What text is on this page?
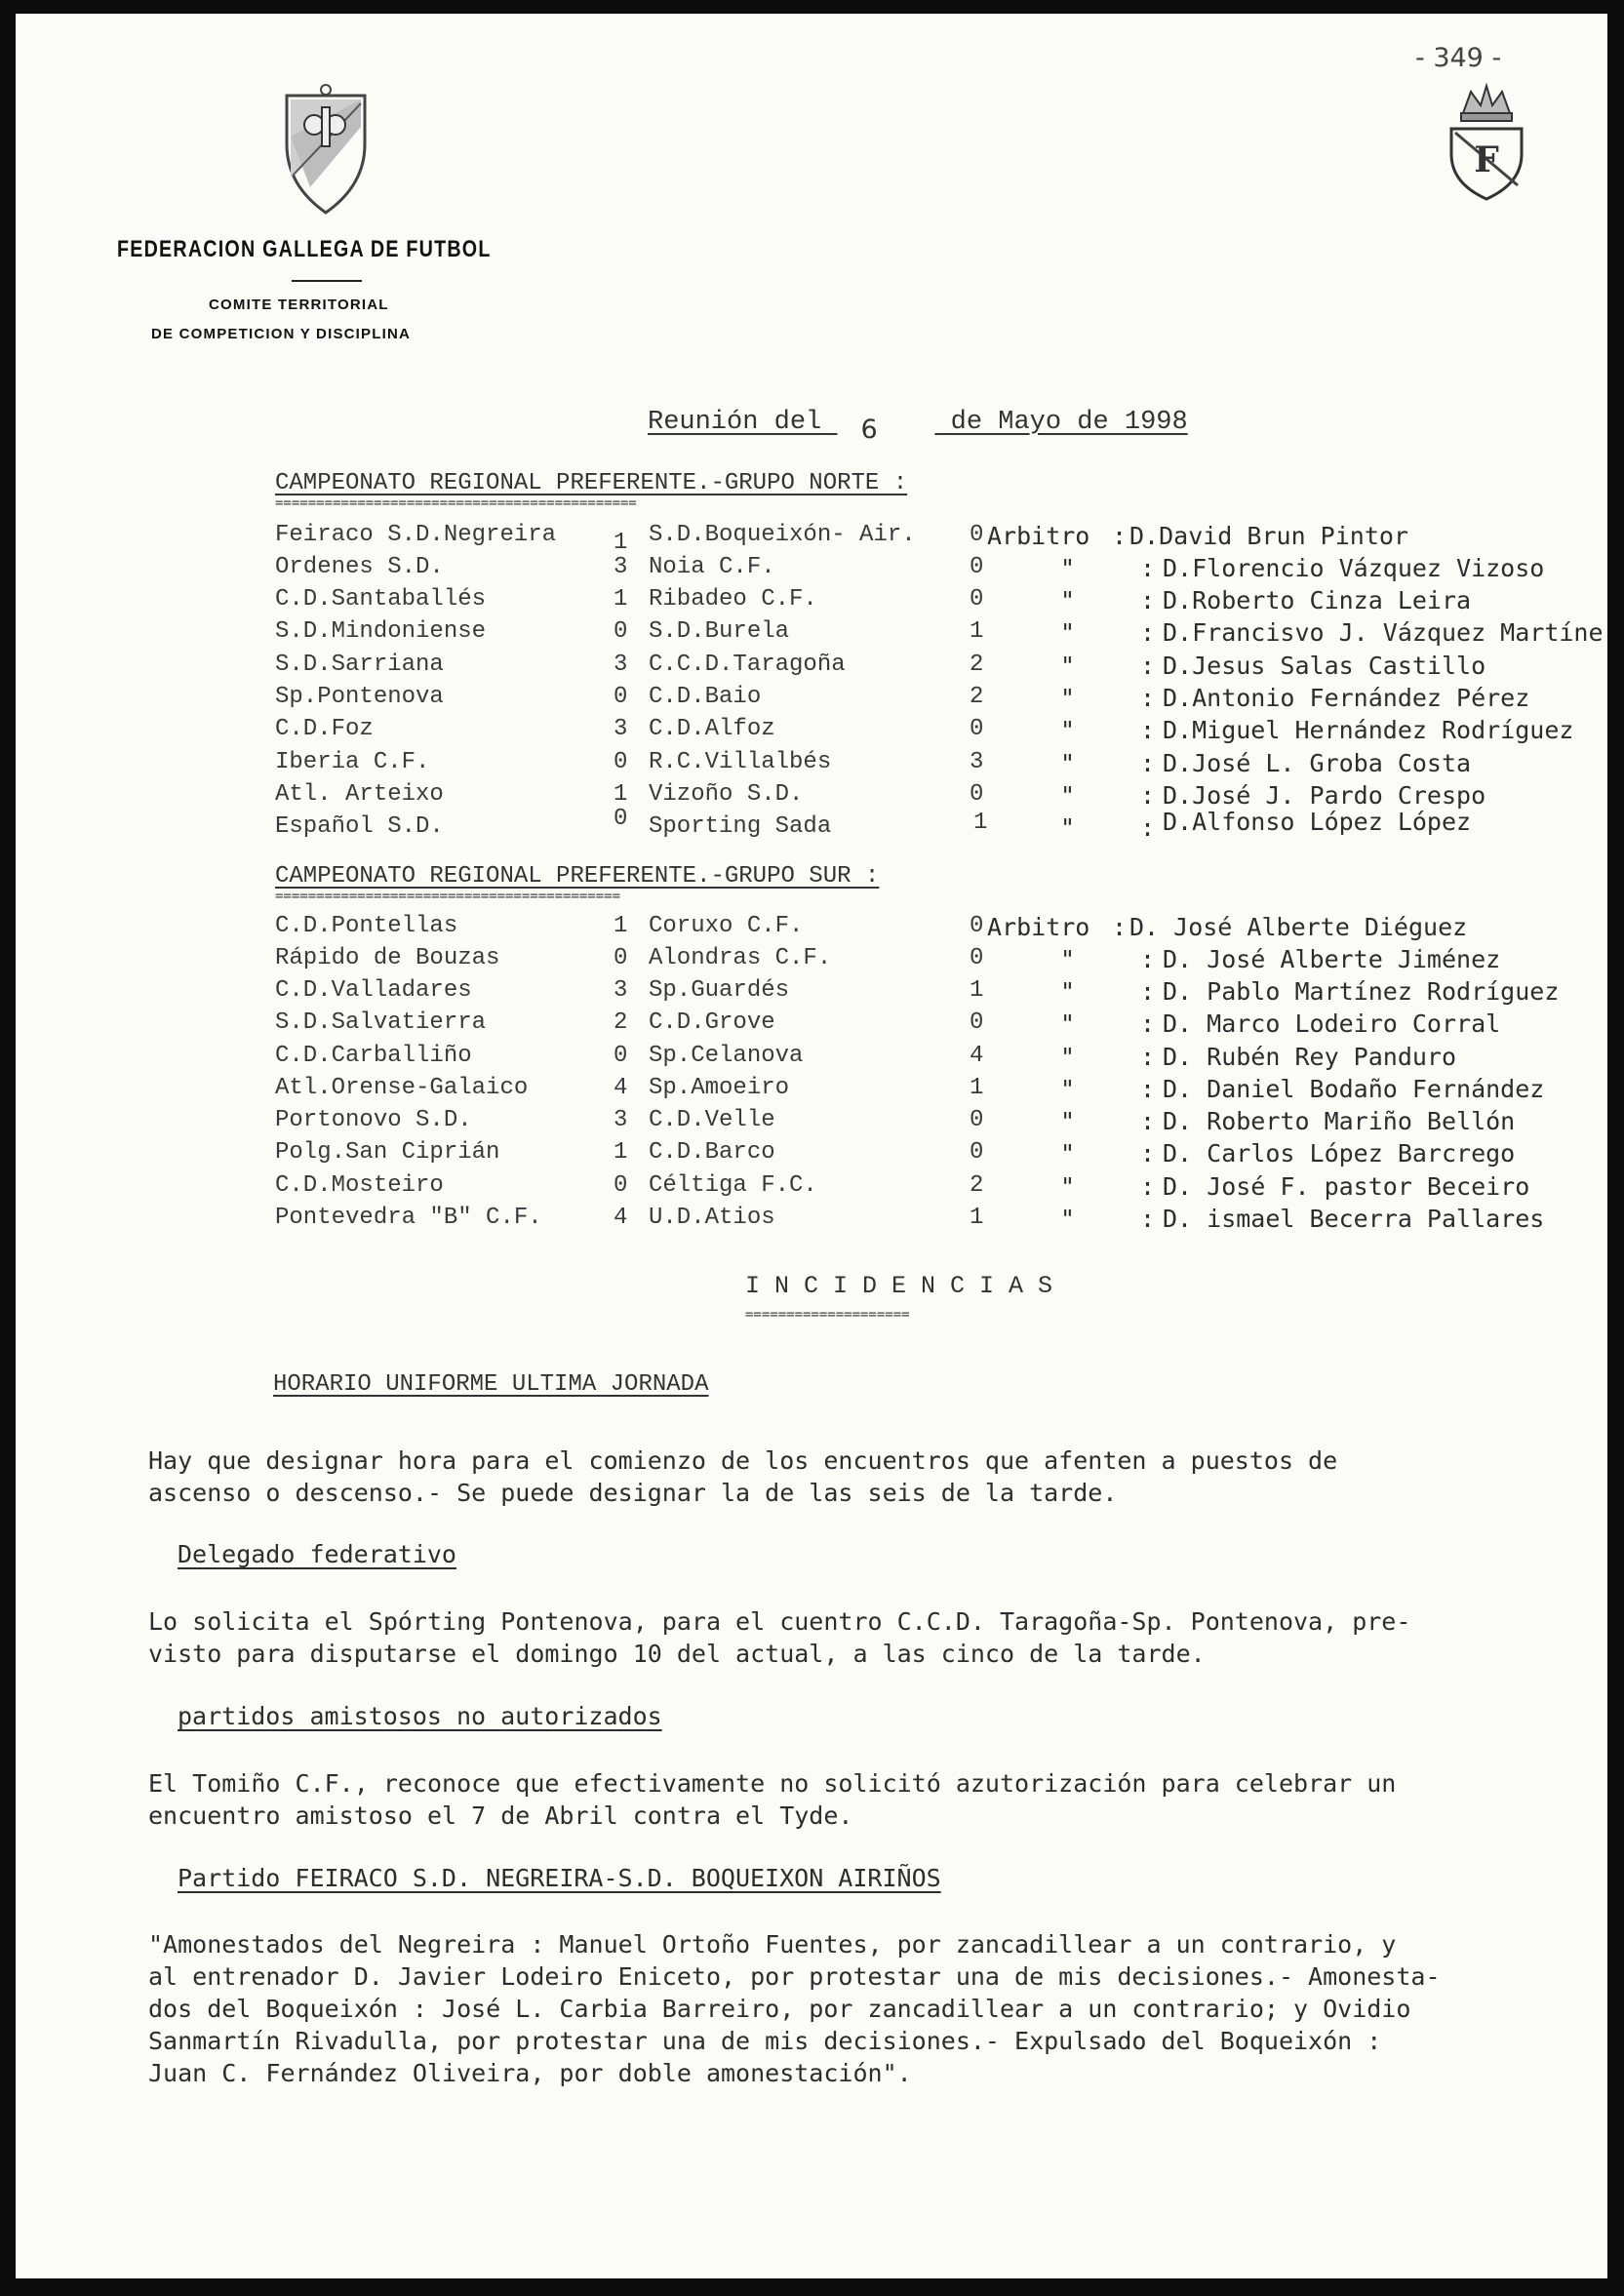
FEDERACION GALLEGA DE FUTBOL
COMITE TERRITORIAL
DE COMPETICION Y DISCIPLINA
- 349 -
F
Reunión del 6	de Mayo de 1998
CAMPEONATO REGIONAL PREFERENTE.-GRUPO NORTE :
============================================
Feiraco S.D.Negreira 1 S.D.Boqueixón- Air. 0 Arbitro : D.David Brun Pintor
Ordenes S.D.	3 Noia C.F.	0	"	: D.Florencio Vázquez Vizoso
C.D.Santaballés	1 Ribadeo C.F.	0	"	: D.Roberto Cinza Leira
S.D.Mindoniense	0 S.D.Burela	1	"	: D.Francisvo J. Vázquez Martíne
S.D.Sarriana	3 C.C.D.Taragoña	2	"	: D.Jesus Salas Castillo
Sp.Pontenova	0 C.D.Baio	2	"	: D.Antonio Fernández Pérez
C.D.Foz	3 C.D.Alfoz	0	"	: D.Miguel Hernández Rodríguez
Iberia C.F.	0 R.C.Villalbés	3	"	: D.José L. Groba Costa
Atl. Arteixo	1 Vizoño S.D.	0	"	: D.José J. Pardo Crespo
Español S.D.	0 Sporting Sada	1	"	: D.Alfonso López López
CAMPEONATO REGIONAL PREFERENTE.-GRUPO SUR :
==========================================
C.D.Pontellas	1 Coruxo C.F.	0 Arbitro : D. José Alberte Diéguez
Rápido de Bouzas	0 Alondras C.F.	0	"	: D. José Alberte Jiménez
C.D.Valladares	3 Sp.Guardés	1	"	: D. Pablo Martínez Rodríguez
S.D.Salvatierra	2 C.D.Grove	0	"	: D. Marco Lodeiro Corral
C.D.Carballiño	0 Sp.Celanova	4	"	: D. Rubén Rey Panduro
Atl.Orense-Galaico	4 Sp.Amoeiro	1	"	: D. Daniel Bodaño Fernández
Portonovo S.D.	3 C.D.Velle	0	"	: D. Roberto Mariño Bellón
Polg.San Ciprián	1 C.D.Barco	0	"	: D. Carlos López Barcrego
C.D.Mosteiro	0 Céltiga F.C.	2	"	: D. José F. pastor Beceiro
Pontevedra "B" C.F.	4 U.D.Atios	1	"	: D. ismael Becerra Pallares
I N C I D E N C I A S
====================
HORARIO UNIFORME ULTIMA JORNADA
Hay que designar hora para el comienzo de los encuentros que afenten a puestos de
ascenso o descenso.- Se puede designar la de las seis de la tarde.
Delegado federativo
Lo solicita el Spórting Pontenova, para el cuentro C.C.D. Taragoña-Sp. Pontenova, pre-
visto para disputarse el domingo 10 del actual, a las cinco de la tarde.
partidos amistosos no autorizados
El Tomiño C.F., reconoce que efectivamente no solicitó azutorización para celebrar un
encuentro amistoso el 7 de Abril contra el Tyde.
Partido FEIRACO S.D. NEGREIRA-S.D. BOQUEIXON AIRIÑOS
"Amonestados del Negreira : Manuel Ortoño Fuentes, por zancadillear a un contrario, y
al entrenador D. Javier Lodeiro Eniceto, por protestar una de mis decisiones.- Amonesta-
dos del Boqueixón : José L. Carbia Barreiro, por zancadillear a un contrario; y Ovidio
Sanmartín Rivadulla, por protestar una de mis decisiones.- Expulsado del Boqueixón :
Juan C. Fernández Oliveira, por doble amonestación".
